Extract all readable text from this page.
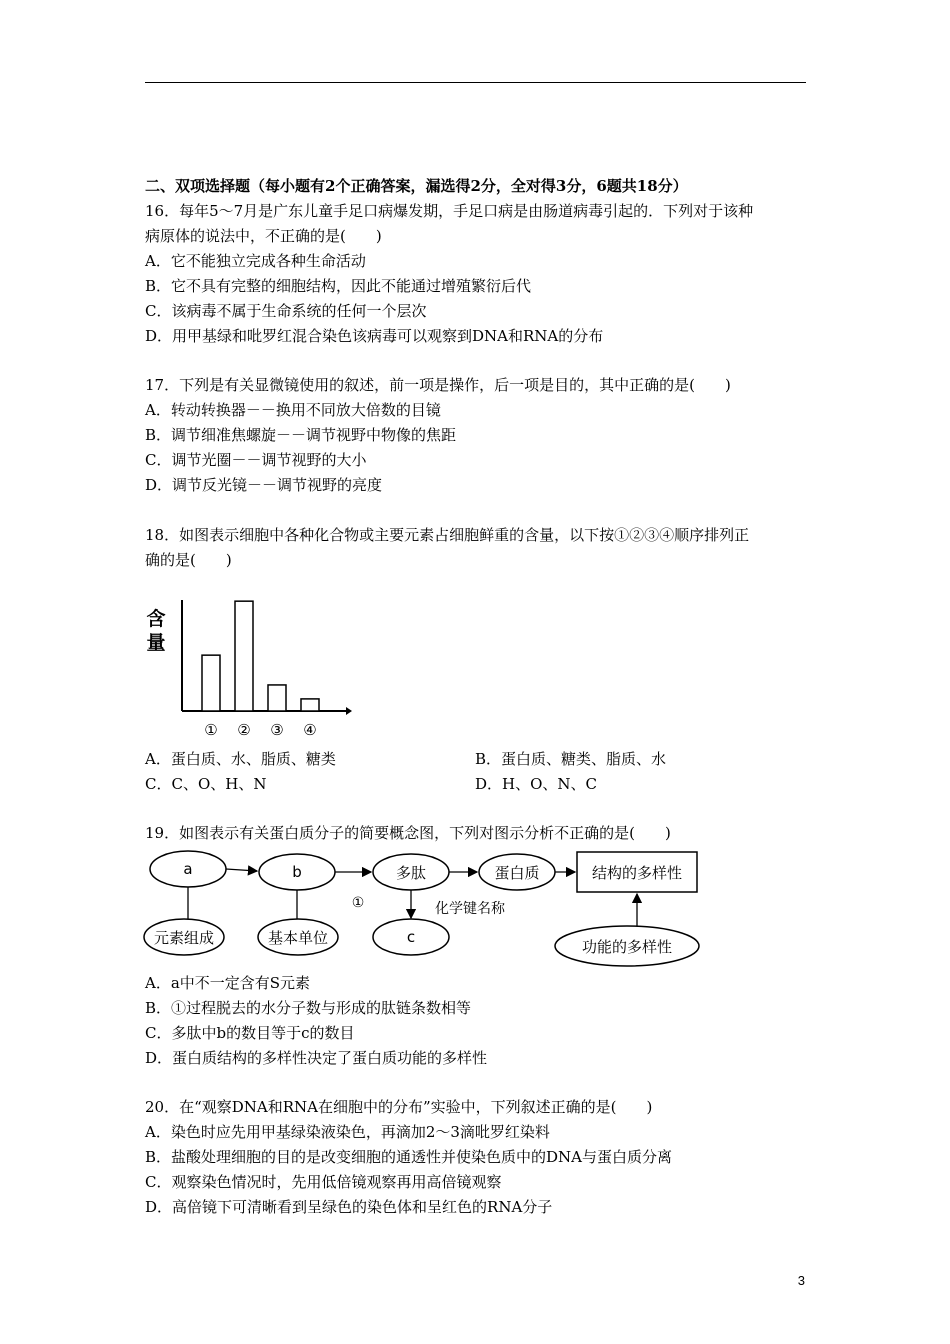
二、双项选择题（每小题有2个正确答案，漏选得2分，全对得3分，6题共18分）
16．每年5～7月是广东儿童手足口病爆发期，手足口病是由肠道病毒引起的．下列对于该种
病原体的说法中，不正确的是(　　)
A．它不能独立完成各种生命活动
B．它不具有完整的细胞结构，因此不能通过增殖繁衍后代
C．该病毒不属于生命系统的任何一个层次
D．用甲基绿和吡罗红混合染色该病毒可以观察到DNA和RNA的分布
17．下列是有关显微镜使用的叙述，前一项是操作，后一项是目的，其中正确的是(　　)
A．转动转换器－－换用不同放大倍数的目镜
B．调节细准焦螺旋－－调节视野中物像的焦距
C．调节光圈－－调节视野的大小
D．调节反光镜－－调节视野的亮度
18．如图表示细胞中各种化合物或主要元素占细胞鲜重的含量，以下按①②③④顺序排列正
确的是(　　)
含
量
① ② ③ ④
A．蛋白质、水、脂质、糖类	B．蛋白质、糖类、脂质、水
C．C、O、H、N	D．H、O、N、C
19．如图表示有关蛋白质分子的简要概念图，下列对图示分析不正确的是(　　)
a	b	多肽	蛋白质	结构的多样性
①	化学键名称
元素组成	基本单位	c
功能的多样性
A．a中不一定含有S元素
B．①过程脱去的水分子数与形成的肽链条数相等
C．多肽中b的数目等于c的数目
D．蛋白质结构的多样性决定了蛋白质功能的多样性
20．在“观察DNA和RNA在细胞中的分布”实验中，下列叙述正确的是(　　)
A．染色时应先用甲基绿染液染色，再滴加2～3滴吡罗红染料
B．盐酸处理细胞的目的是改变细胞的通透性并使染色质中的DNA与蛋白质分离
C．观察染色情况时，先用低倍镜观察再用高倍镜观察
D．高倍镜下可清晰看到呈绿色的染色体和呈红色的RNA分子
3
